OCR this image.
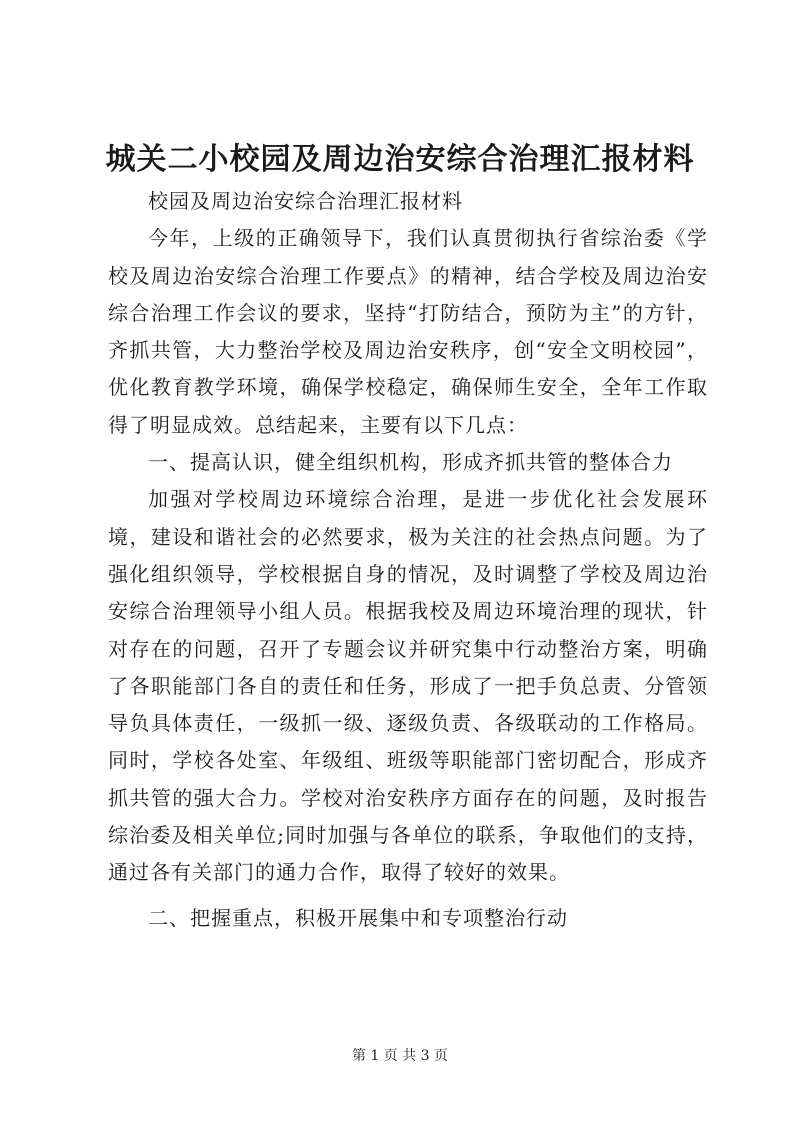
城关二小校园及周边治安综合治理汇报材料

校园及周边治安综合治理汇报材料

今年，上级的正确领导下，我们认真贯彻执行省综治委《学校及周边治安综合治理工作要点》的精神，结合学校及周边治安综合治理工作会议的要求，坚持“打防结合，预防为主”的方针，齐抓共管，大力整治学校及周边治安秩序，创“安全文明校园”，优化教育教学环境，确保学校稳定，确保师生安全，全年工作取得了明显成效。总结起来，主要有以下几点：

一、提高认识，健全组织机构，形成齐抓共管的整体合力

加强对学校周边环境综合治理，是进一步优化社会发展环境，建设和谐社会的必然要求，极为关注的社会热点问题。为了强化组织领导，学校根据自身的情况，及时调整了学校及周边治安综合治理领导小组人员。根据我校及周边环境治理的现状，针对存在的问题，召开了专题会议并研究集中行动整治方案，明确了各职能部门各自的责任和任务，形成了一把手负总责、分管领导负具体责任，一级抓一级、逐级负责、各级联动的工作格局。同时，学校各处室、年级组、班级等职能部门密切配合，形成齐抓共管的强大合力。学校对治安秩序方面存在的问题，及时报告综治委及相关单位;同时加强与各单位的联系，争取他们的支持，通过各有关部门的通力合作，取得了较好的效果。

二、把握重点，积极开展集中和专项整治行动

第 1 页 共 3 页
